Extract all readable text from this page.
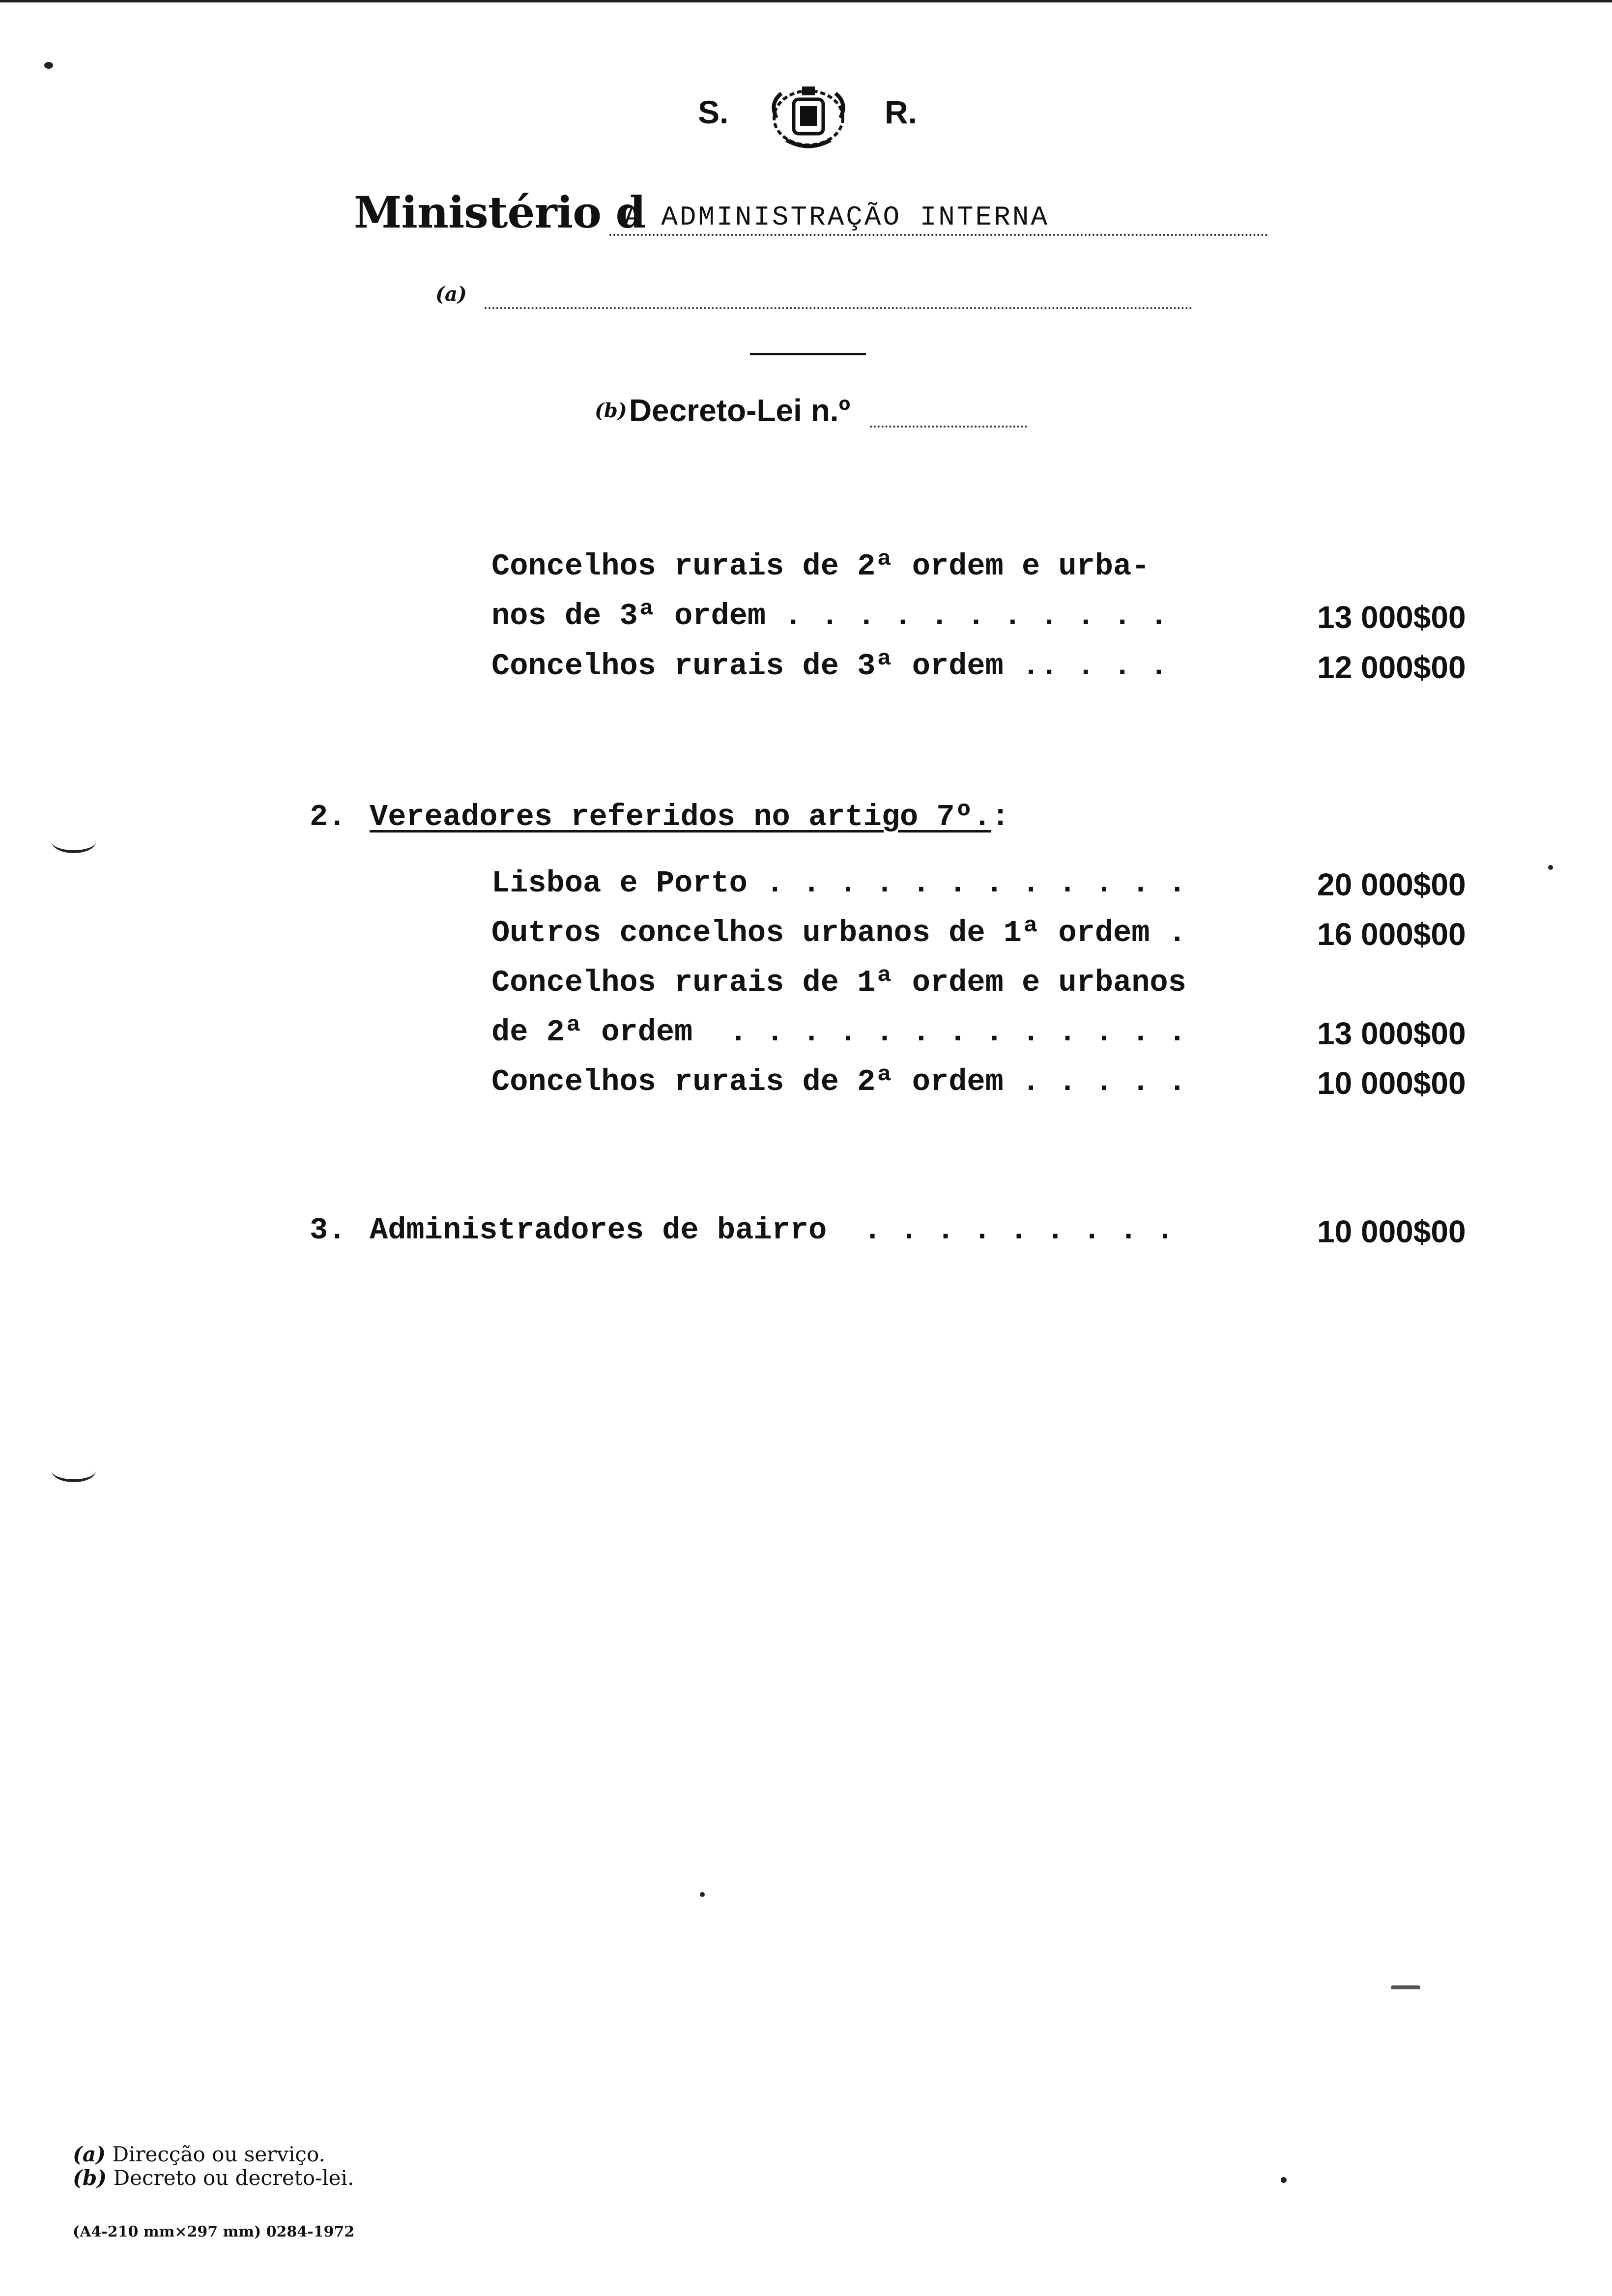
S.	R.
Ministério d
A ADMINISTRAÇÃO INTERNA
(a)
(b) Decreto-Lei n.º
Concelhos rurais de 2ª ordem e urba-
nos de 3ª ordem . . . . . . . . . . .	13 000$00
Concelhos rurais de 3ª ordem .. . . .	12 000$00
2. Vereadores referidos no artigo 7º.:
Lisboa e Porto . . . . . . . . . . . .	20 000$00
Outros concelhos urbanos de 1ª ordem .	16 000$00
Concelhos rurais de 1ª ordem e urbanos
de 2ª ordem  . . . . . . . . . . . . .	13 000$00
Concelhos rurais de 2ª ordem . . . . .	10 000$00
3. Administradores de bairro  . . . . . . . . .	10 000$00
(a) Direcção ou serviço.
(b) Decreto ou decreto-lei.
(A4-210 mm×297 mm) 0284-1972
